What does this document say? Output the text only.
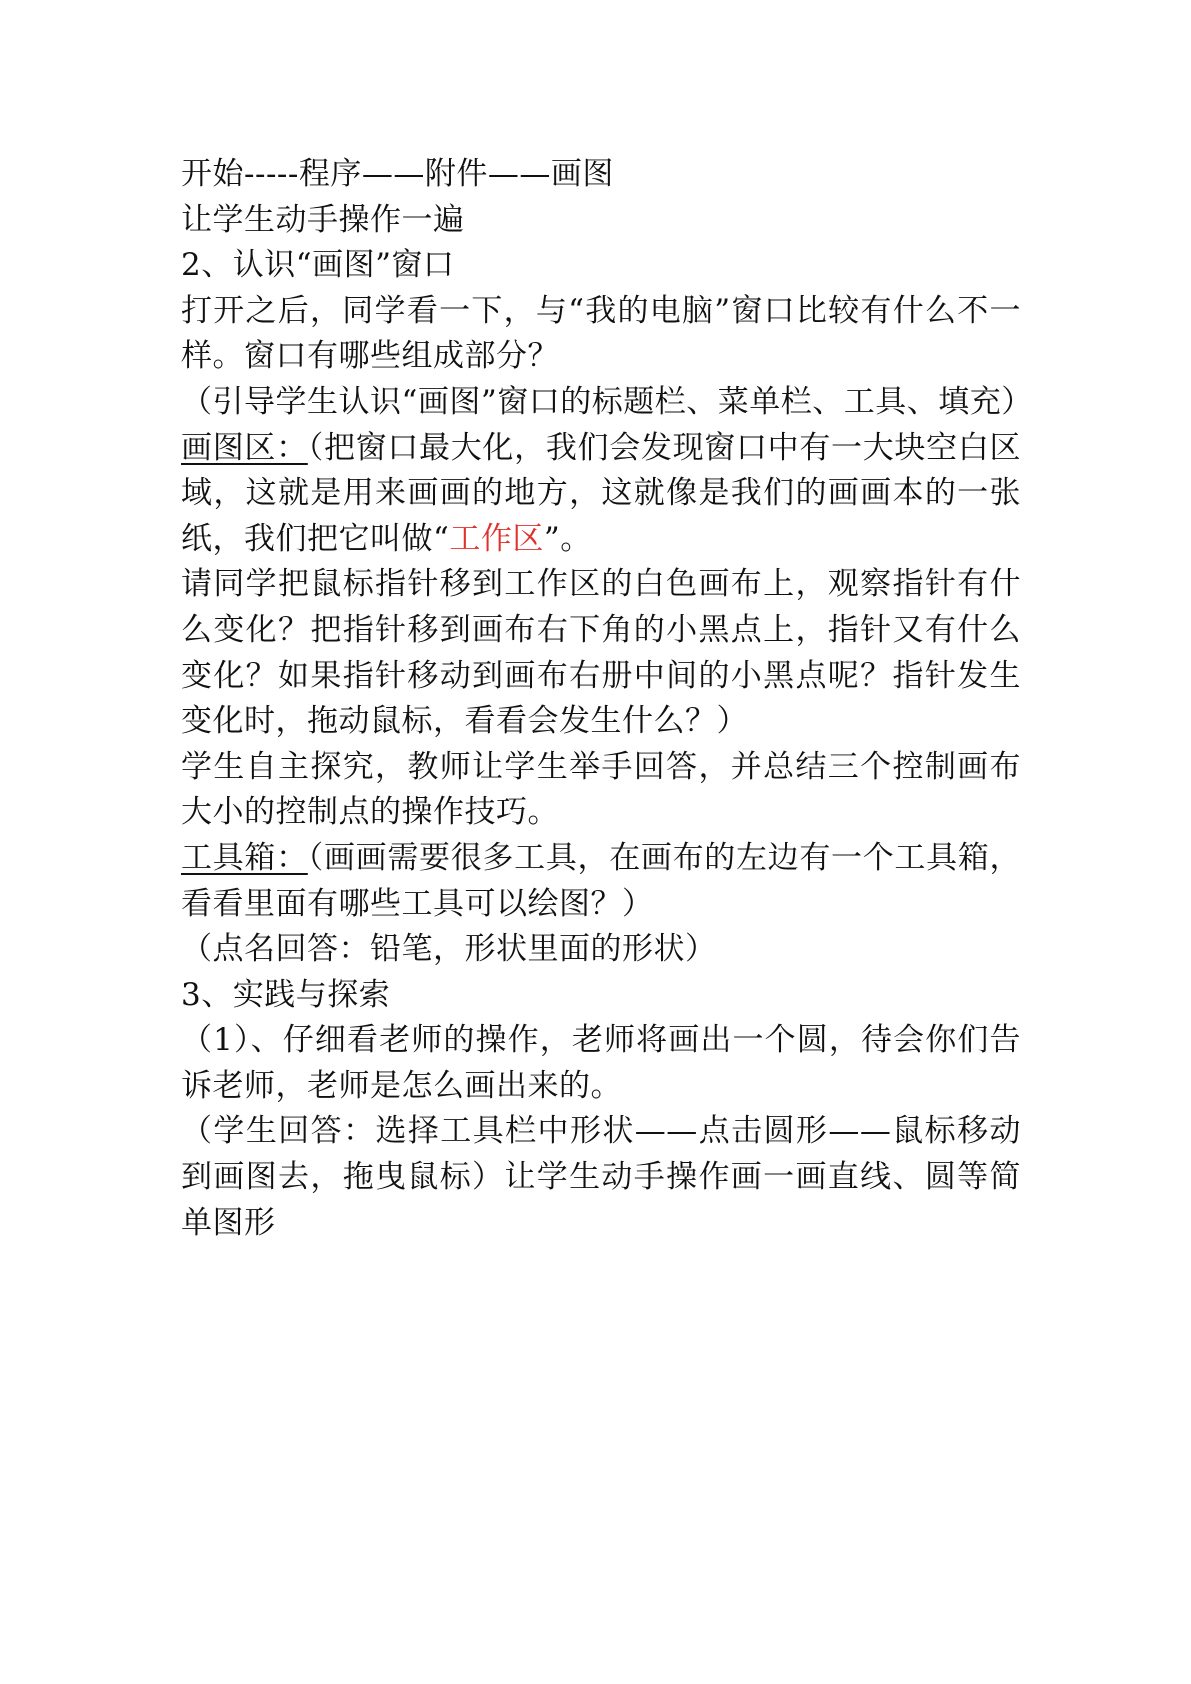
开始-----程序——附件——画图

让学生动手操作一遍

2、认识“画图”窗口

打开之后，同学看一下，与“我的电脑”窗口比较有什么不一样。窗口有哪些组成部分？

（引导学生认识“画图”窗口的标题栏、菜单栏、工具、填充）

画图区：（把窗口最大化，我们会发现窗口中有一大块空白区域，这就是用来画画的地方，这就像是我们的画画本的一张纸，我们把它叫做“工作区”。

请同学把鼠标指针移到工作区的白色画布上，观察指针有什么变化？把指针移到画布右下角的小黑点上，指针又有什么变化？如果指针移动到画布右册中间的小黑点呢？指针发生变化时，拖动鼠标，看看会发生什么？）

学生自主探究，教师让学生举手回答，并总结三个控制画布大小的控制点的操作技巧。

工具箱：（画画需要很多工具，在画布的左边有一个工具箱，看看里面有哪些工具可以绘图？）

（点名回答：铅笔，形状里面的形状）

3、实践与探索

（1）、仔细看老师的操作，老师将画出一个圆，待会你们告诉老师，老师是怎么画出来的。

（学生回答：选择工具栏中形状——点击圆形——鼠标移动到画图去，拖曳鼠标）让学生动手操作画一画直线、圆等简单图形
